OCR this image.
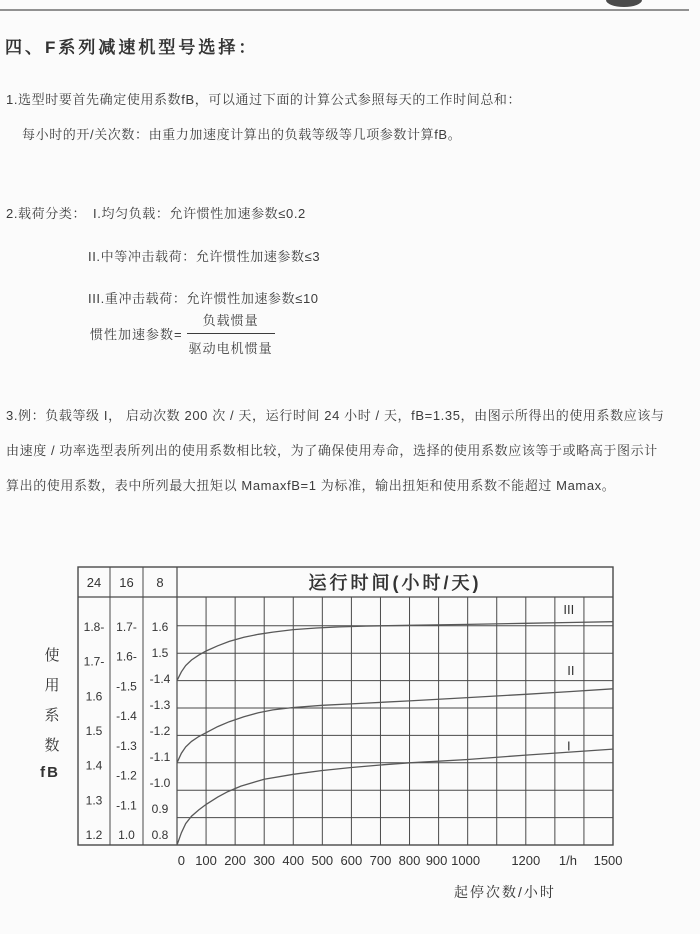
四、F系列减速机型号选择：

1.选型时要首先确定使用系数fB，可以通过下面的计算公式参照每天的工作时间总和：

每小时的开/关次数：由重力加速度计算出的负载等级等几项参数计算fB。

2.载荷分类： I.均匀负载：允许惯性加速参数≤0.2

II.中等冲击载荷：允许惯性加速参数≤3

III.重冲击载荷：允许惯性加速参数≤10

惯性加速参数= $\frac{\text{负载惯量}}{\text{驱动电机惯量}}$

3.例：负载等级 I， 启动次数 200 次 / 天，运行时间 24 小时 / 天，fB=1.35，由图示所得出的使用系数应该与

由速度 / 功率选型表所列出的使用系数相比较，为了确保使用寿命，选择的使用系数应该等于或略高于图示计

算出的使用系数，表中所列最大扭矩以 MamaxfB=1 为标准，输出扭矩和使用系数不能超过 Mamax。

24 16 8	运行时间(小时/天)
1.8-
1.7-
1.6
1.5
1.4
1.3
1.2
1.7-
1.6-
-1.5
-1.4
-1.3
-1.2
-1.1
1.0
1.6
1.5
-1.4
-1.3
-1.2
-1.1
-1.0
0.9
0.8
I
II
III
0 100 200 300 400 500 600 700 800 900 1000 1200 1/h 1500
起停次数/小时
使
用
系
数
fB
